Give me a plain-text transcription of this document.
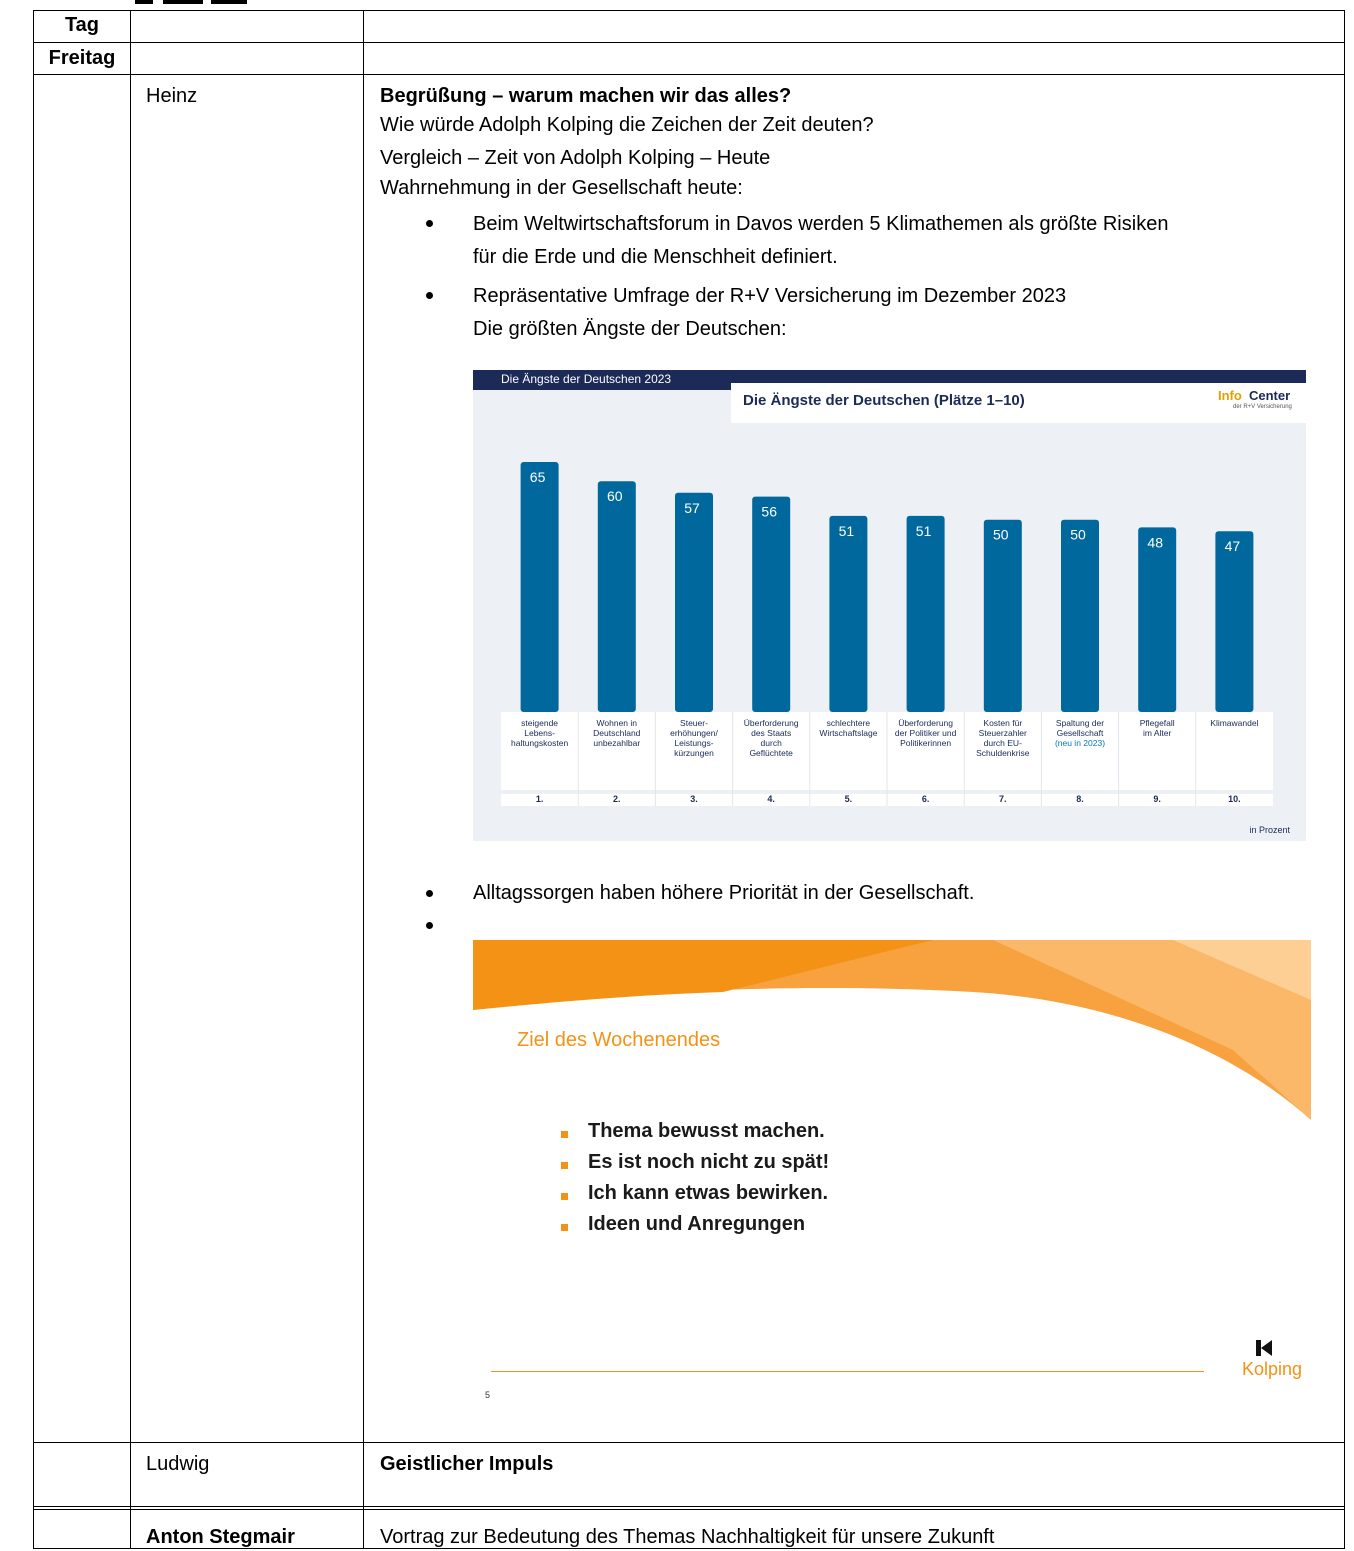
Tag
Freitag
Heinz	Begrüßung – warum machen wir das alles?
Wie würde Adolph Kolping die Zeichen der Zeit deuten?
Vergleich – Zeit von Adolph Kolping – Heute
Wahrnehmung in der Gesellschaft heute:
Beim Weltwirtschaftsforum in Davos werden 5 Klimathemen als größte Risiken
für die Erde und die Menschheit definiert.
Repräsentative Umfrage der R+V Versicherung im Dezember 2023
Die größten Ängste der Deutschen:
Die Ängste der Deutschen 2023
Die Ängste der Deutschen (Plätze 1–10)	Info Center
der R+V Versicherung
65
60
57	56
51	51	50	50	48	47
steigende
Lebens-
haltungskosten
1.
Wohnen in
Deutschland
unbezahlbar
2.
Steuer-
erhöhungen/
Leistungs-
kürzungen
3.
Überforderung
des Staats
durch
Geflüchtete
4.
schlechtere
Wirtschaftslage
5.
Überforderung
der Politiker und
Politikerinnen
6.
Kosten für
Steuerzahler
durch EU-
Schuldenkrise
7.
Spaltung der
Gesellschaft
(neu in 2023)
8.
Pflegefall
im Alter
9.
Klimawandel
10.
in Prozent
Alltagssorgen haben höhere Priorität in der Gesellschaft.
Ziel des Wochenendes
Thema bewusst machen.
Es ist noch nicht zu spät!
Ich kann etwas bewirken.
Ideen und Anregungen
5
Kolping
Ludwig	Geistlicher Impuls
Anton Stegmair	Vortrag zur Bedeutung des Themas Nachhaltigkeit für unsere Zukunft
